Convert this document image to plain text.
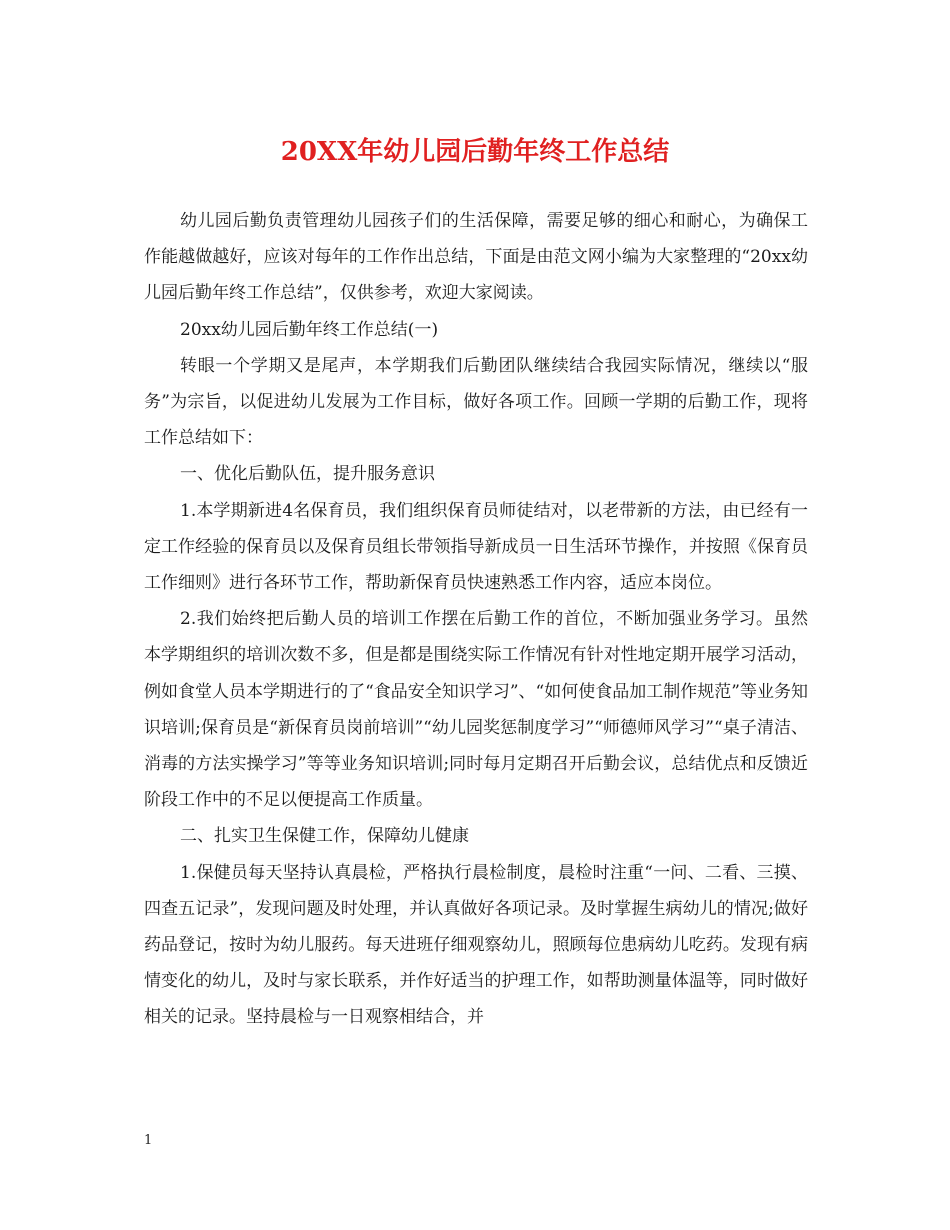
20XX年幼儿园后勤年终工作总结

幼儿园后勤负责管理幼儿园孩子们的生活保障，需要足够的细心和耐心，为确保工作能越做越好，应该对每年的工作作出总结，下面是由范文网小编为大家整理的“20xx幼儿园后勤年终工作总结”，仅供参考，欢迎大家阅读。

20xx幼儿园后勤年终工作总结(一)

转眼一个学期又是尾声，本学期我们后勤团队继续结合我园实际情况，继续以“服务”为宗旨，以促进幼儿发展为工作目标，做好各项工作。回顾一学期的后勤工作，现将工作总结如下：

一、优化后勤队伍，提升服务意识

1.本学期新进4名保育员，我们组织保育员师徒结对，以老带新的方法，由已经有一定工作经验的保育员以及保育员组长带领指导新成员一日生活环节操作，并按照《保育员工作细则》进行各环节工作，帮助新保育员快速熟悉工作内容，适应本岗位。

2.我们始终把后勤人员的培训工作摆在后勤工作的首位，不断加强业务学习。虽然本学期组织的培训次数不多，但是都是围绕实际工作情况有针对性地定期开展学习活动，例如食堂人员本学期进行的了“食品安全知识学习”、“如何使食品加工制作规范”等业务知识培训;保育员是“新保育员岗前培训”“幼儿园奖惩制度学习”“师德师风学习”“桌子清洁、消毒的方法实操学习”等等业务知识培训;同时每月定期召开后勤会议，总结优点和反馈近阶段工作中的不足以便提高工作质量。

二、扎实卫生保健工作，保障幼儿健康

1.保健员每天坚持认真晨检，严格执行晨检制度，晨检时注重“一问、二看、三摸、四查五记录”，发现问题及时处理，并认真做好各项记录。及时掌握生病幼儿的情况;做好药品登记，按时为幼儿服药。每天进班仔细观察幼儿，照顾每位患病幼儿吃药。发现有病情变化的幼儿，及时与家长联系，并作好适当的护理工作，如帮助测量体温等，同时做好相关的记录。坚持晨检与一日观察相结合，并

1
